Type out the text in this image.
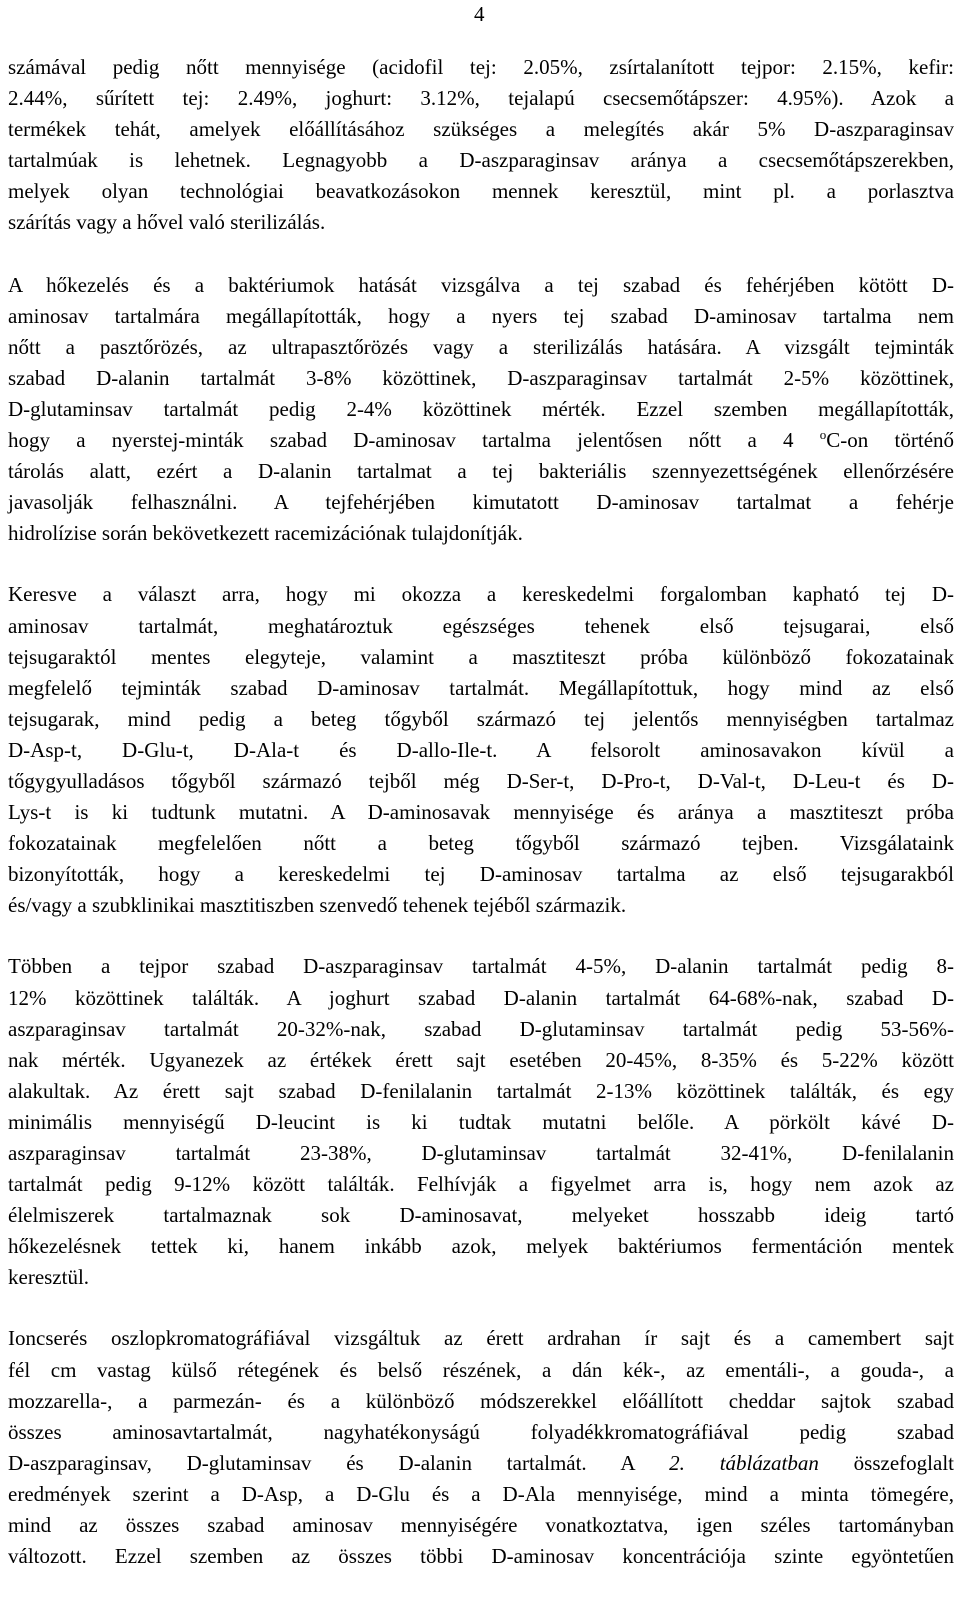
4
számával pedig nőtt mennyisége (acidofil tej: 2.05%, zsírtalanított tejpor: 2.15%, kefir:
2.44%, sűrített tej: 2.49%, joghurt: 3.12%, tejalapú csecsemőtápszer: 4.95%). Azok a
termékek tehát, amelyek előállításához szükséges a melegítés akár 5% D-aszparaginsav
tartalmúak is lehetnek. Legnagyobb a D-aszparaginsav aránya a csecsemőtápszerekben,
melyek olyan technológiai beavatkozásokon mennek keresztül, mint pl. a porlasztva
szárítás vagy a hővel való sterilizálás.
A hőkezelés és a baktériumok hatását vizsgálva a tej szabad és fehérjében kötött D-
aminosav tartalmára megállapították, hogy a nyers tej szabad D-aminosav tartalma nem
nőtt a pasztőrözés, az ultrapasztőrözés vagy a sterilizálás hatására. A vizsgált tejminták
szabad D-alanin tartalmát 3-8% közöttinek, D-aszparaginsav tartalmát 2-5% közöttinek,
D-glutaminsav tartalmát pedig 2-4% közöttinek mérték. Ezzel szemben megállapították,
hogy a nyerstej-minták szabad D-aminosav tartalma jelentősen nőtt a 4 $^o$C-on történő
tárolás alatt, ezért a D-alanin tartalmat a tej bakteriális szennyezettségének ellenőrzésére
javasolják felhasználni. A tejfehérjében kimutatott D-aminosav tartalmat a fehérje
hidrolízise során bekövetkezett racemizációnak tulajdonítják.
Keresve a választ arra, hogy mi okozza a kereskedelmi forgalomban kapható tej D-
aminosav tartalmát, meghatároztuk egészséges tehenek első tejsugarai, első
tejsugaraktól mentes elegyteje, valamint a masztiteszt próba különböző fokozatainak
megfelelő tejminták szabad D-aminosav tartalmát. Megállapítottuk, hogy mind az első
tejsugarak, mind pedig a beteg tőgyből származó tej jelentős mennyiségben tartalmaz
D-Asp-t, D-Glu-t, D-Ala-t és D-allo-Ile-t. A felsorolt aminosavakon kívül a
tőgygyulladásos tőgyből származó tejből még D-Ser-t, D-Pro-t, D-Val-t, D-Leu-t és D-
Lys-t is ki tudtunk mutatni. A D-aminosavak mennyisége és aránya a masztiteszt próba
fokozatainak megfelelően nőtt a beteg tőgyből származó tejben. Vizsgálataink
bizonyították, hogy a kereskedelmi tej D-aminosav tartalma az első tejsugarakból
és/vagy a szubklinikai masztitiszben szenvedő tehenek tejéből származik.
Többen a tejpor szabad D-aszparaginsav tartalmát 4-5%, D-alanin tartalmát pedig 8-
12% közöttinek találták. A joghurt szabad D-alanin tartalmát 64-68%-nak, szabad D-
aszparaginsav tartalmát 20-32%-nak, szabad D-glutaminsav tartalmát pedig 53-56%-
nak mérték. Ugyanezek az értékek érett sajt esetében 20-45%, 8-35% és 5-22% között
alakultak. Az érett sajt szabad D-fenilalanin tartalmát 2-13% közöttinek találták, és egy
minimális mennyiségű D-leucint is ki tudtak mutatni belőle. A pörkölt kávé D-
aszparaginsav tartalmát 23-38%, D-glutaminsav tartalmát 32-41%, D-fenilalanin
tartalmát pedig 9-12% között találták. Felhívják a figyelmet arra is, hogy nem azok az
élelmiszerek tartalmaznak sok D-aminosavat, melyeket hosszabb ideig tartó
hőkezelésnek tettek ki, hanem inkább azok, melyek baktériumos fermentáción mentek
keresztül.
Ioncserés oszlopkromatográfiával vizsgáltuk az érett ardrahan ír sajt és a camembert sajt
fél cm vastag külső rétegének és belső részének, a dán kék-, az ementáli-, a gouda-, a
mozzarella-, a parmezán- és a különböző módszerekkel előállított cheddar sajtok szabad
összes aminosavtartalmát, nagyhatékonyságú folyadékkromatográfiával pedig szabad
D-aszparaginsav, D-glutaminsav és D-alanin tartalmát. A 2. táblázatban összefoglalt
eredmények szerint a D-Asp, a D-Glu és a D-Ala mennyisége, mind a minta tömegére,
mind az összes szabad aminosav mennyiségére vonatkoztatva, igen széles tartományban
változott. Ezzel szemben az összes többi D-aminosav koncentrációja szinte egyöntetűen
